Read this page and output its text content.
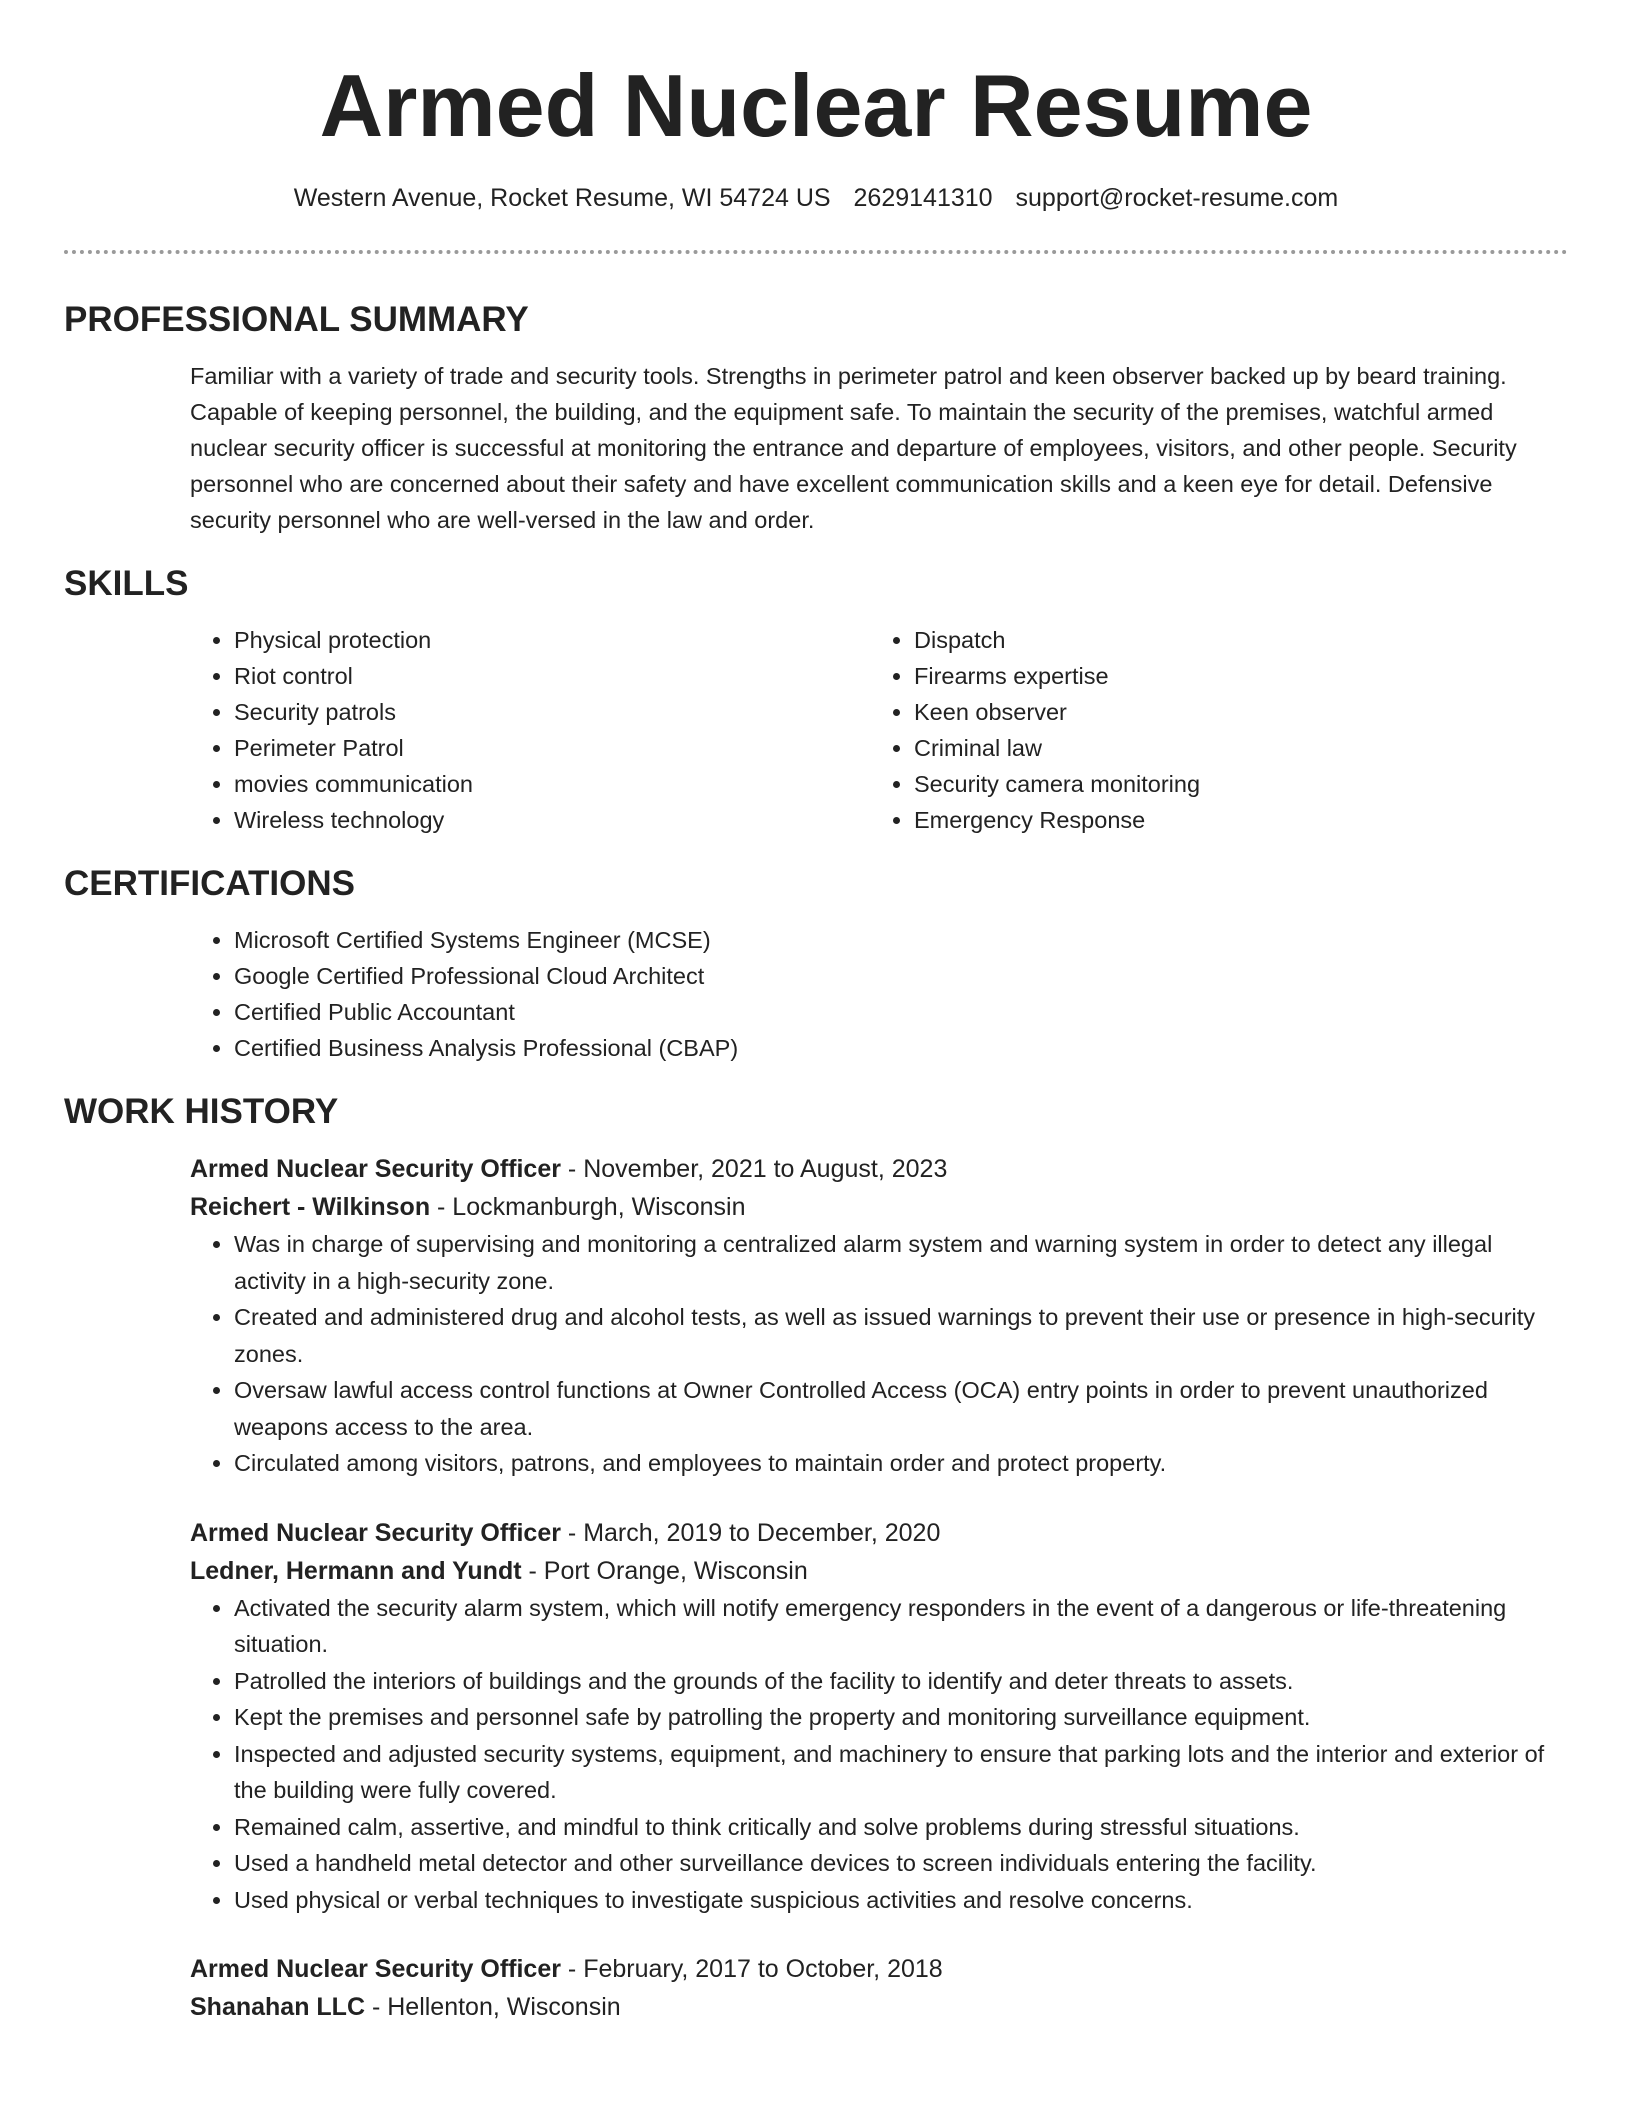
Armed Nuclear Resume
Western Avenue, Rocket Resume, WI 54724 US 2629141310 support@rocket-resume.com
PROFESSIONAL SUMMARY
Familiar with a variety of trade and security tools. Strengths in perimeter patrol and keen observer backed up by beard training. Capable of keeping personnel, the building, and the equipment safe. To maintain the security of the premises, watchful armed nuclear security officer is successful at monitoring the entrance and departure of employees, visitors, and other people. Security personnel who are concerned about their safety and have excellent communication skills and a keen eye for detail. Defensive security personnel who are well-versed in the law and order.
SKILLS
• Physical protection
• Riot control
• Security patrols
• Perimeter Patrol
• movies communication
• Wireless technology
• Dispatch
• Firearms expertise
• Keen observer
• Criminal law
• Security camera monitoring
• Emergency Response
CERTIFICATIONS
• Microsoft Certified Systems Engineer (MCSE)
• Google Certified Professional Cloud Architect
• Certified Public Accountant
• Certified Business Analysis Professional (CBAP)
WORK HISTORY
Armed Nuclear Security Officer - November, 2021 to August, 2023
Reichert - Wilkinson - Lockmanburgh, Wisconsin
• Was in charge of supervising and monitoring a centralized alarm system and warning system in order to detect any illegal activity in a high-security zone.
• Created and administered drug and alcohol tests, as well as issued warnings to prevent their use or presence in high-security zones.
• Oversaw lawful access control functions at Owner Controlled Access (OCA) entry points in order to prevent unauthorized weapons access to the area.
• Circulated among visitors, patrons, and employees to maintain order and protect property.
Armed Nuclear Security Officer - March, 2019 to December, 2020
Ledner, Hermann and Yundt - Port Orange, Wisconsin
• Activated the security alarm system, which will notify emergency responders in the event of a dangerous or life-threatening situation.
• Patrolled the interiors of buildings and the grounds of the facility to identify and deter threats to assets.
• Kept the premises and personnel safe by patrolling the property and monitoring surveillance equipment.
• Inspected and adjusted security systems, equipment, and machinery to ensure that parking lots and the interior and exterior of the building were fully covered.
• Remained calm, assertive, and mindful to think critically and solve problems during stressful situations.
• Used a handheld metal detector and other surveillance devices to screen individuals entering the facility.
• Used physical or verbal techniques to investigate suspicious activities and resolve concerns.
Armed Nuclear Security Officer - February, 2017 to October, 2018
Shanahan LLC - Hellenton, Wisconsin
